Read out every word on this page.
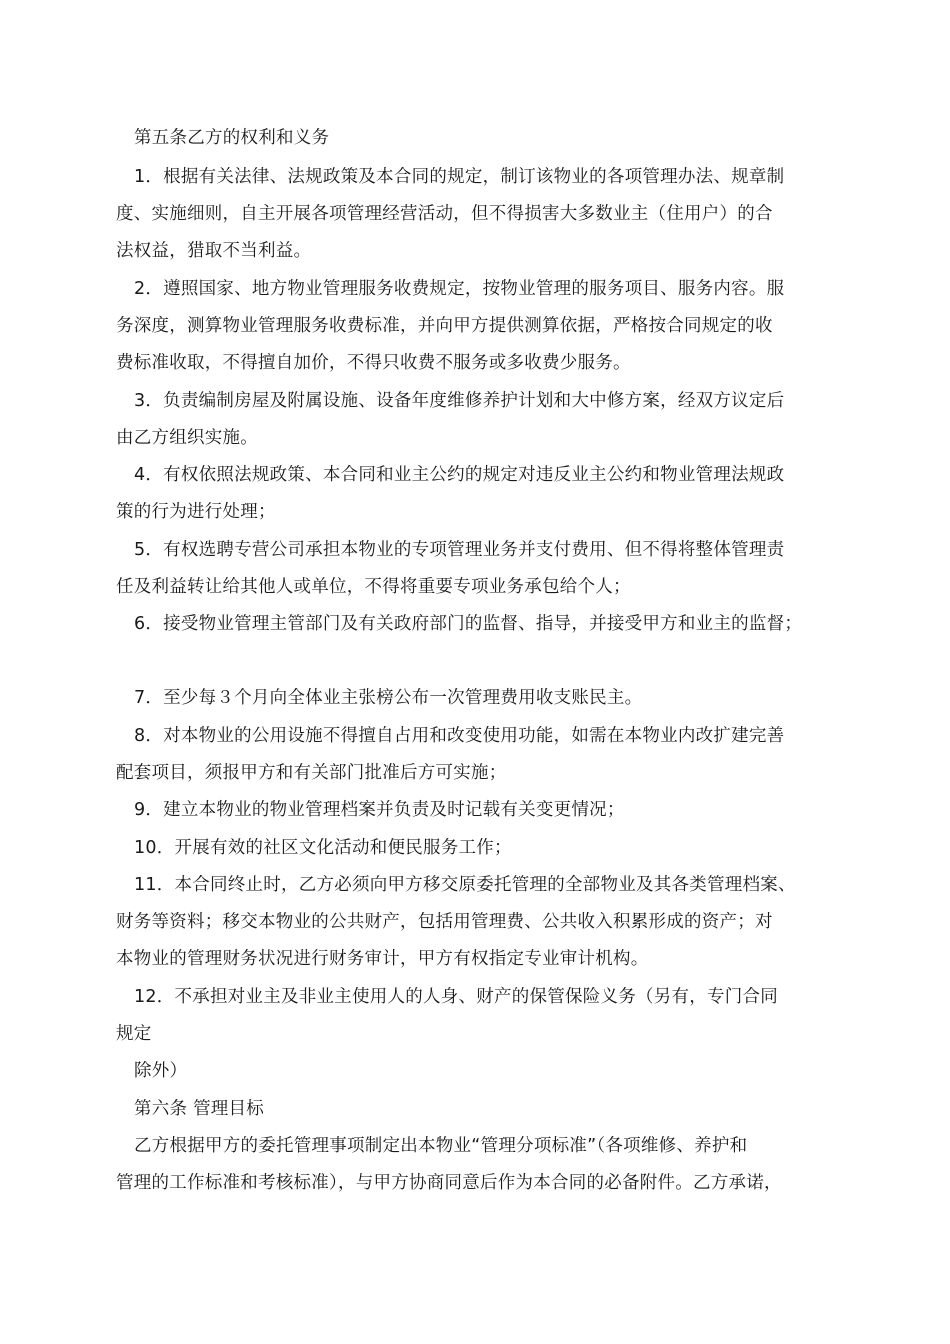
第五条乙方的权利和义务
1．根据有关法律、法规政策及本合同的规定，制订该物业的各项管理办法、规章制
度、实施细则，自主开展各项管理经营活动，但不得损害大多数业主（住用户）的合
法权益，猎取不当利益。
2．遵照国家、地方物业管理服务收费规定，按物业管理的服务项目、服务内容。服
务深度，测算物业管理服务收费标准，并向甲方提供测算依据，严格按合同规定的收
费标准收取，不得擅自加价，不得只收费不服务或多收费少服务。
3．负责编制房屋及附属设施、设备年度维修养护计划和大中修方案，经双方议定后
由乙方组织实施。
4．有权依照法规政策、本合同和业主公约的规定对违反业主公约和物业管理法规政
策的行为进行处理；
5．有权选聘专营公司承担本物业的专项管理业务并支付费用、但不得将整体管理责
任及利益转让给其他人或单位，不得将重要专项业务承包给个人；
6．接受物业管理主管部门及有关政府部门的监督、指导，并接受甲方和业主的监督；
7．至少每３个月向全体业主张榜公布一次管理费用收支账民主。
8．对本物业的公用设施不得擅自占用和改变使用功能，如需在本物业内改扩建完善
配套项目，须报甲方和有关部门批准后方可实施；
9．建立本物业的物业管理档案并负责及时记载有关变更情况；
10．开展有效的社区文化活动和便民服务工作；
11．本合同终止时，乙方必须向甲方移交原委托管理的全部物业及其各类管理档案、
财务等资料；移交本物业的公共财产，包括用管理费、公共收入积累形成的资产；对
本物业的管理财务状况进行财务审计，甲方有权指定专业审计机构。
12．不承担对业主及非业主使用人的人身、财产的保管保险义务（另有，专门合同
规定
除外）
第六条 管理目标
乙方根据甲方的委托管理事项制定出本物业“管理分项标准”（各项维修、养护和
管理的工作标准和考核标准），与甲方协商同意后作为本合同的必备附件。乙方承诺，
